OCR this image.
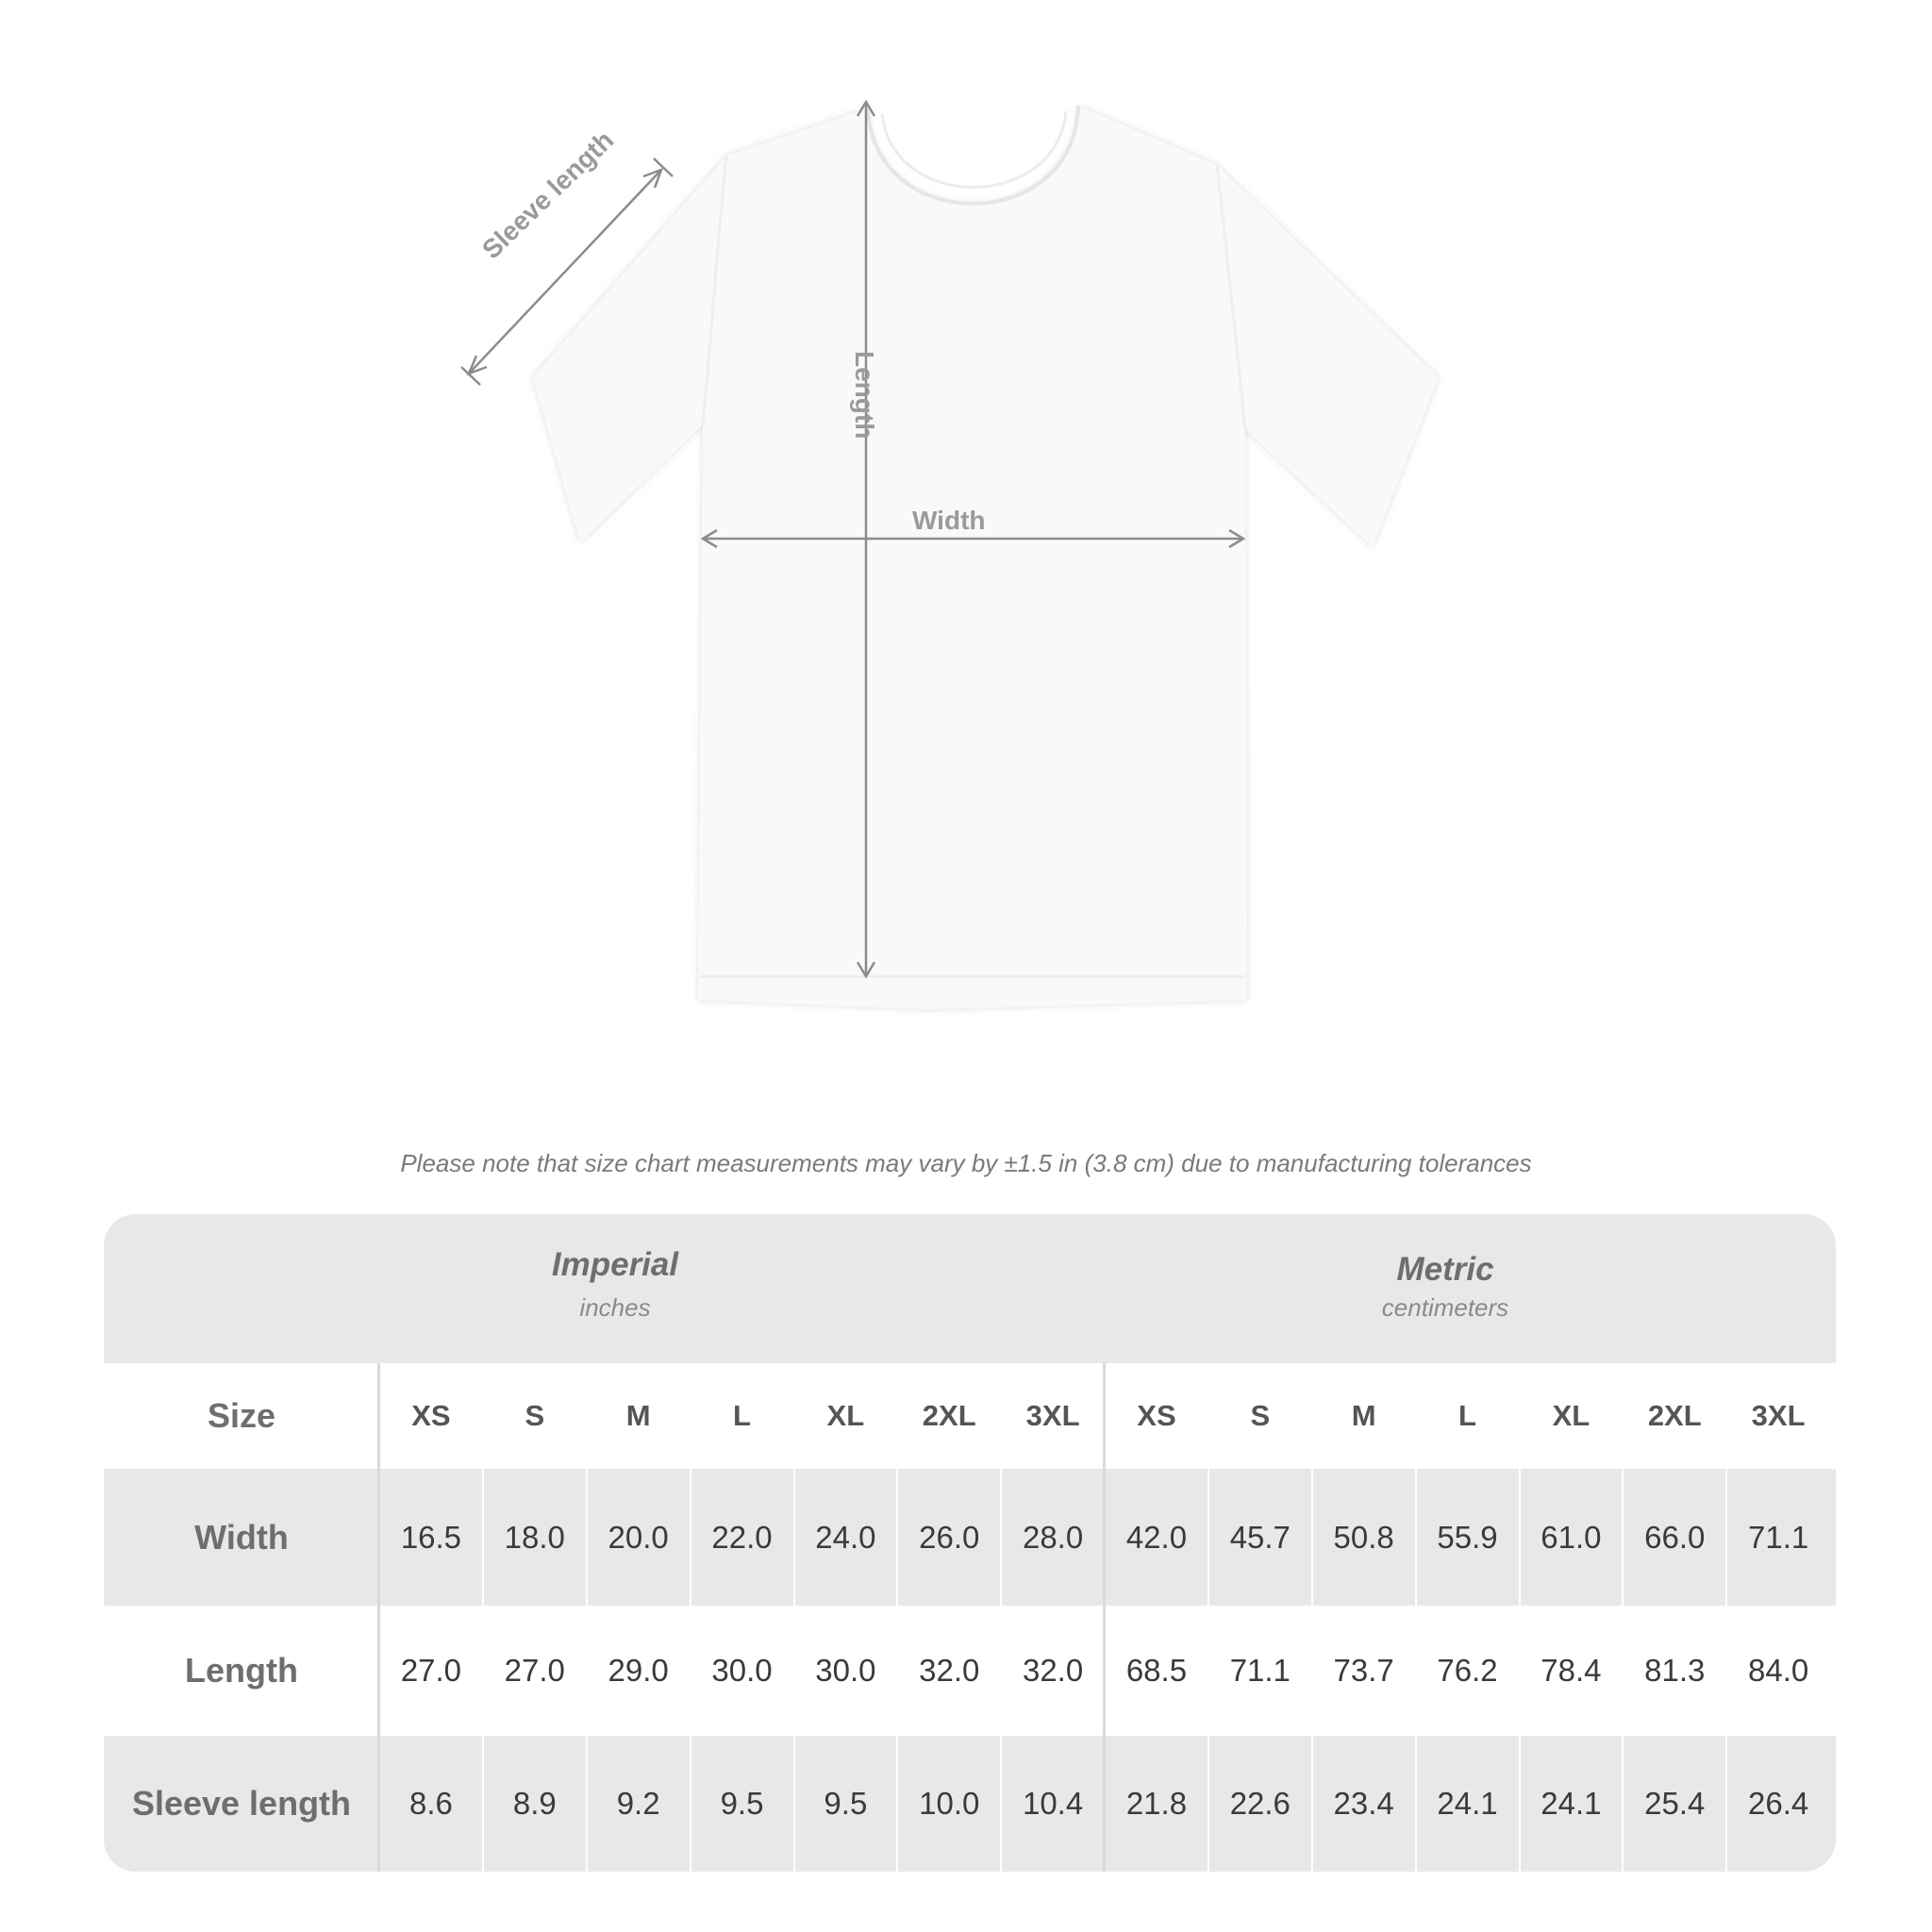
Sleeve length
Length
Width
Please note that size chart measurements may vary by ±1.5 in (3.8 cm) due to manufacturing tolerances
Imperial
inches
Metric
centimeters
Size	XS	S	M	L	XL	2XL	3XL	XS	S	M	L	XL	2XL	3XL
Width	16.5	18.0	20.0	22.0	24.0	26.0	28.0	42.0	45.7	50.8	55.9	61.0	66.0	71.1
Length	27.0	27.0	29.0	30.0	30.0	32.0	32.0	68.5	71.1	73.7	76.2	78.4	81.3	84.0
Sleeve length	8.6	8.9	9.2	9.5	9.5	10.0	10.4	21.8	22.6	23.4	24.1	24.1	25.4	26.4
